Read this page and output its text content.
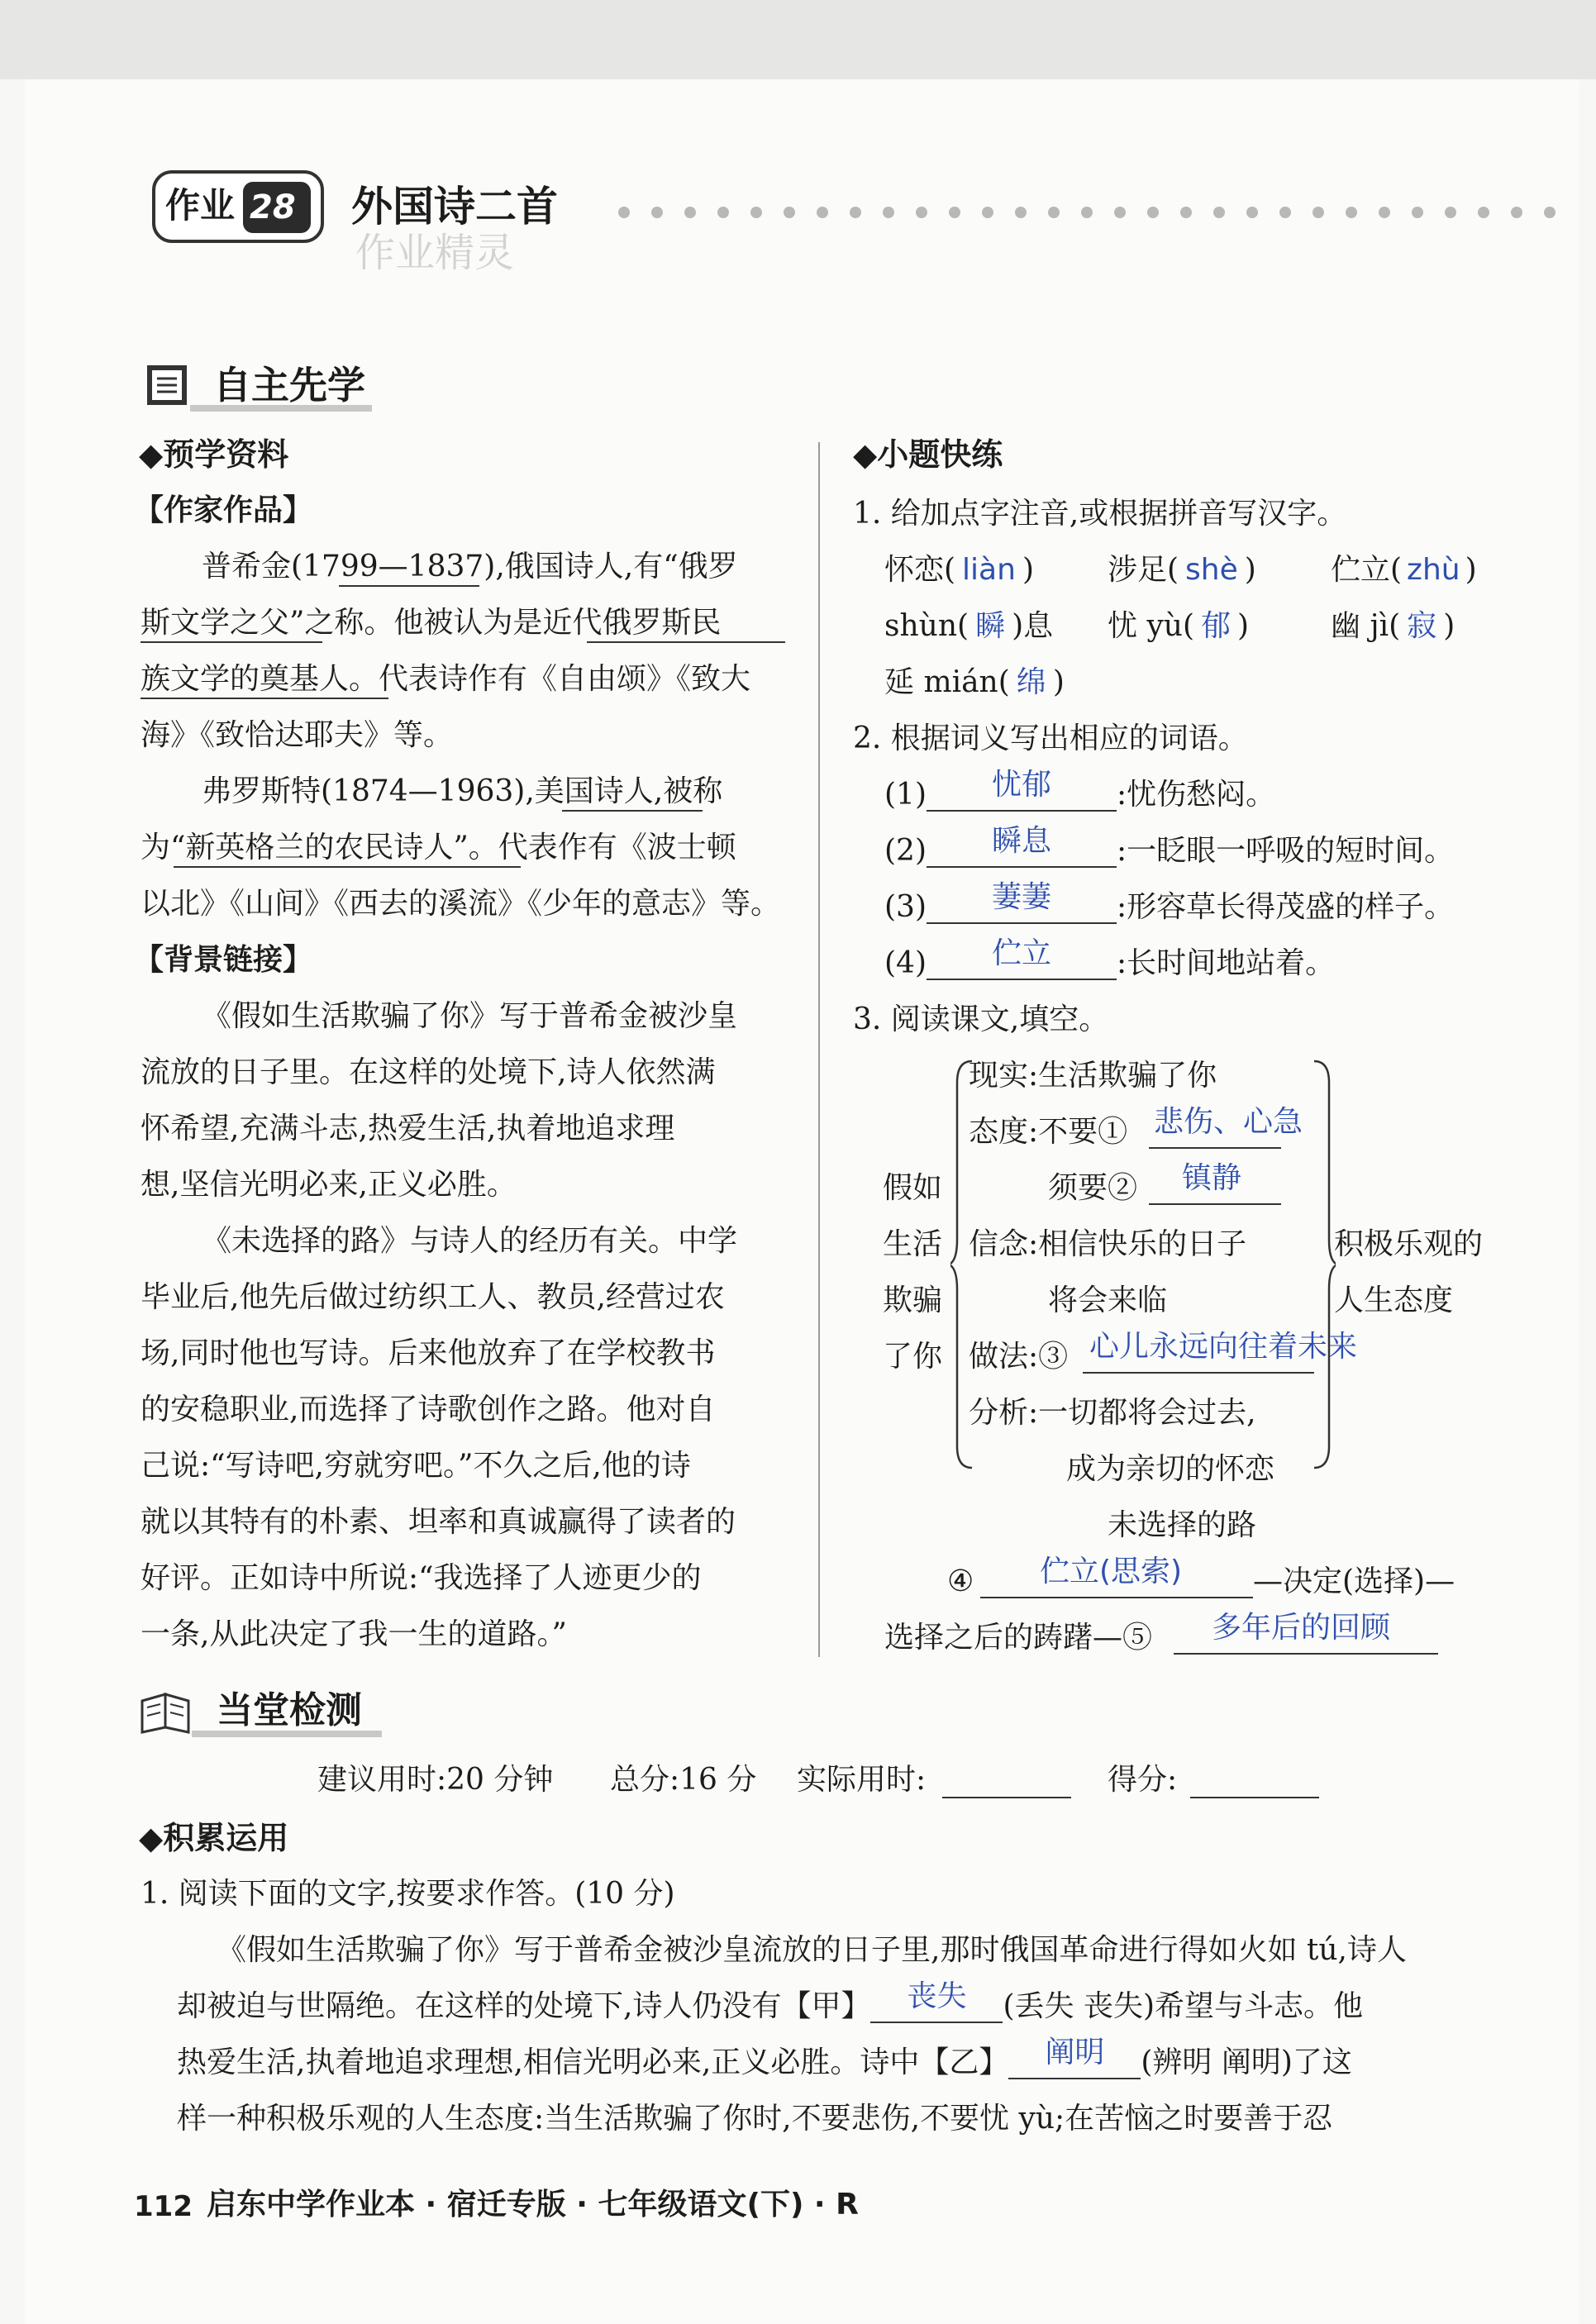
作业 28 外国诗二首
作业精灵
自主先学
◆预学资料
【作家作品】
普希金(1799—1837),俄国诗人,有“俄罗
斯文学之父”之称。他被认为是近代俄罗斯民
族文学的奠基人。代表诗作有《自由颂》《致大
海》《致恰达耶夫》等。
弗罗斯特(1874—1963),美国诗人,被称
为“新英格兰的农民诗人”。代表作有《波士顿
以北》《山间》《西去的溪流》《少年的意志》等。
【背景链接】
《假如生活欺骗了你》写于普希金被沙皇
流放的日子里。在这样的处境下,诗人依然满
怀希望,充满斗志,热爱生活,执着地追求理
想,坚信光明必来,正义必胜。
《未选择的路》与诗人的经历有关。中学
毕业后,他先后做过纺织工人、教员,经营过农
场,同时他也写诗。后来他放弃了在学校教书
的安稳职业,而选择了诗歌创作之路。他对自
己说:“写诗吧,穷就穷吧。”不久之后,他的诗
就以其特有的朴素、坦率和真诚赢得了读者的
好评。正如诗中所说:“我选择了人迹更少的
一条,从此决定了我一生的道路。”
◆小题快练
1. 给加点字注音,或根据拼音写汉字。
怀恋( liàn ) 涉足( shè )	伫立( zhù )
shùn( 瞬 )息 忧 yù( 郁 )	幽 jì( 寂 )
延 mián( 绵 )
2. 根据词义写出相应的词语。
(1) 忧郁 :忧伤愁闷。
(2) 瞬息 :一眨眼一呼吸的短时间。
(3) 萋萋 :形容草长得茂盛的样子。
(4) 伫立 :长时间地站着。
3. 阅读课文,填空。
假如
生活
欺骗
了你
现实:生活欺骗了你
态度:不要① 悲伤、心急
须要② 镇静
信念:相信快乐的日子
将会来临
做法:③ 心儿永远向往着未来
分析:一切都将会过去,
成为亲切的怀恋
积极乐观的
人生态度
未选择的路
④ 伫立(思索) —决定(选择)—
选择之后的踌躇—⑤ 多年后的回顾
当堂检测
建议用时:20 分钟 总分:16 分 实际用时:	得分:
◆积累运用
1. 阅读下面的文字,按要求作答。(10 分)
《假如生活欺骗了你》写于普希金被沙皇流放的日子里,那时俄国革命进行得如火如 tú,诗人
却被迫与世隔绝。在这样的处境下,诗人仍没有【甲】 丧失 (丢失 丧失)希望与斗志。他
热爱生活,执着地追求理想,相信光明必来,正义必胜。诗中【乙】 阐明 (辨明 阐明)了这
样一种积极乐观的人生态度:当生活欺骗了你时,不要悲伤,不要忧 yù;在苦恼之时要善于忍
112 启东中学作业本 · 宿迁专版 · 七年级语文(下) · R
